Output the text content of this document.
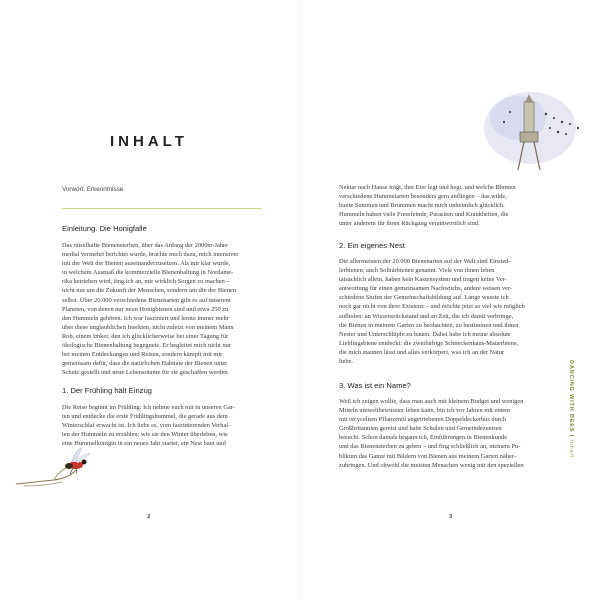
INHALT
Vorwort. Erkenntnisse
Einleitung. Die Honigfalle

Das rätselhafte Bienensterben, über das Anfang der 2000er-Jahre

medial vermehrt berichtet wurde, brachte mich dazu, mich intensiver

mit der Welt der Bienen auseinanderzusetzen. Als mir klar wurde,

in welchem Ausmaß die kommerzielle Bienenhaltung in Nordame-

rika betrieben wird, fing ich an, mir wirklich Sorgen zu machen –

nicht nur um die Zukunft der Menschen, sondern um die der Bienen

selbst. Über 20.000 verschiedene Bienenarten gibt es auf unserem

Planeten, von denen nur neun Honigbienen sind und etwa 250 zu

den Hummeln gehören. Ich war fasziniert und lernte immer mehr

über diese unglaublichen Insekten, nicht zuletzt von meinem Mann

Rob, einem Imker, den ich glücklicherweise bei einer Tagung für

ökologische Bienenhaltung begegnete. Er begleitet mich nicht nur

bei meinen Entdeckungen und Reisen, sondern kämpft mit mir

gemeinsam dafür, dass die natürlichen Habitate der Bienen unter

Schutz gestellt und neue Lebensräume für sie geschaffen werden.

1. Der Frühling hält Einzug

Die Reise beginnt im Frühling: Ich nehme euch mit in unseren Gar-

ten und entdecke die erste Frühlingshummel, die gerade aus dem

Winterschlaf erwacht ist. Ich liebe es, vom faszinierenden Verhal-

ten der Hummeln zu erzählen: wie sie den Winter überleben, wie

eine Hummelkönigin in ein neues Jahr startet, ein Nest baut und

2

Nektar nach Hause trägt, ihre Eier legt und hegt, und welche Blumen

verschiedene Hummelarten besonders gern anfliegen – das wilde,

bunte Summen und Brummen macht mich unheimlich glücklich.

Hummeln haben viele Fressfeinde, Parasiten und Krankheiten, die

unter anderem für ihren Rückgang verantwortlich sind.

2. Ein eigenes Nest

Die allermeisten der 20.000 Bienenarten auf der Welt sind Einsied-

lerbienen, auch Solitärbienen genannt. Viele von ihnen leben

tatsächlich allein, haben kein Kastensystem und tragen keine Ver-

antwortung für einen gemeinsamen Nachwuchs, andere weisen ver-

schiedene Stufen der Gemeinschaftsbildung auf. Lange wusste ich

noch gar nicht von ihrer Existenz – und möchte jetzt so viel wie möglich

aufholen: an Wissensrückstand und an Zeit, die ich damit verbringe,

die Bienen in meinem Garten zu beobachten, zu bestimmen und ihnen

Nester und Unterschlüpfe zu bauen. Dabei habe ich meine absolute

Lieblingsbiene entdeckt: die zweifarbige Schneckenhaus-Mauerbiene,

die mich staunen lässt und alles verkörpert, was ich an der Natur

liebe.

3. Was ist ein Name?

Weil ich zeigen wollte, dass man auch mit kleinem Budget und wenigen

Mitteln umweltbewusster leben kann, bin ich vor Jahren mit einem

mit recyceltem Pflanzenöl angetriebenen Doppeldeckerbus durch

Großbritannien gereist und habe Schulen und Gemeindezentren

besucht. Schon damals begann ich, Einführungen in Bienenkunde

und das Bienensterben zu geben – und fing schließlich an, meinem Pu-

blikum das Ganze mit Bildern von Bienen aus meinem Garten näher-

zubringen. Und obwohl die meisten Menschen wenig mit den speziellen

3
DANCING WITH BEES | Inhalt
